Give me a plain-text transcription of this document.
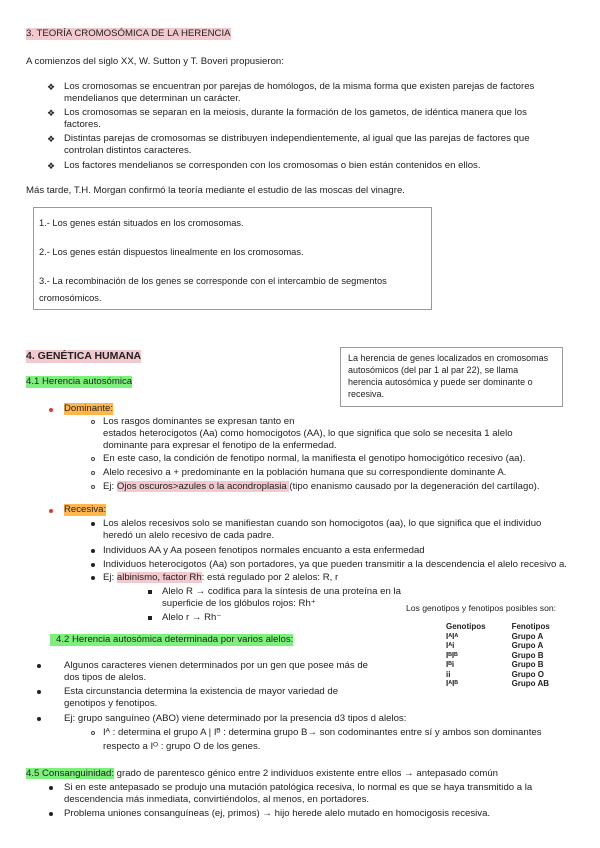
3. TEORÍA CROMOSÓMICA DE LA HERENCIA
A comienzos del siglo XX, W. Sutton y T. Boveri propusieron:
❖ Los cromosomas se encuentran por parejas de homólogos, de la misma forma que existen parejas de factores
mendelianos que determinan un carácter.
❖ Los cromosomas se separan en la meiosis, durante la formación de los gametos, de idéntica manera que los
factores.
❖ Distintas parejas de cromosomas se distribuyen independientemente, al igual que las parejas de factores que
controlan distintos caracteres.
❖ Los factores mendelianos se corresponden con los cromosomas o bien están contenidos en ellos.
Más tarde, T.H. Morgan confirmó la teoría mediante el estudio de las moscas del vinagre.
1.- Los genes están situados en los cromosomas.
2.- Los genes están dispuestos linealmente en los cromosomas.
3.- La recombinación de los genes se corresponde con el intercambio de segmentos
cromosómicos.
4. GENÉTICA HUMANA	La herencia de genes localizados en cromosomas
autosómicos (del par 1 al par 22), se llama
herencia autosómica y puede ser dominante o
recesiva.
4.1 Herencia autosómica
Dominante:
Los rasgos dominantes se expresan tanto en
estados heterocigotos (Aa) como homocigotos (AA), lo que significa que solo se necesita 1 alelo
dominante para expresar el fenotipo de la enfermedad.
En este caso, la condición de fenotipo normal, la manifiesta el genotipo homocigótico recesivo (aa).
Alelo recesivo a + predominante en la población humana que su correspondiente dominante A.
Ej: Ojos oscuros>azules o la acondroplasia (tipo enanismo causado por la degeneración del cartílago).
Recesiva:
Los alelos recesivos solo se manifiestan cuando son homocigotos (aa), lo que significa que el individuo
heredó un alelo recesivo de cada padre.
Individuos AA y Aa poseen fenotipos normales encuanto a esta enfermedad
Individuos heterocigotos (Aa) son portadores, ya que pueden transmitir a la descendencia el alelo recesivo a.
Ej: albinismo, factor Rh: está regulado por 2 alelos: R, r
Alelo R → codifica para la síntesis de una proteína en la
superficie de los glóbulos rojos: Rh⁺
Alelo r → Rh⁻
Los genotipos y fenotipos posibles son:
Genotipos	Fenotipos
IᴬIᴬ	Grupo A
Iᴬi	Grupo A
IᴮIᴮ	Grupo B
Iᴮi	Grupo B
ii	Grupo O
IᴬIᴮ	Grupo AB
4.2 Herencia autosómica determinada por varios alelos:
Algunos caracteres vienen determinados por un gen que posee más de
dos tipos de alelos.
Esta circunstancia determina la existencia de mayor variedad de
genotipos y fenotipos.
Ej: grupo sanguíneo (ABO) viene determinado por la presencia d3 tipos d alelos:
Iᴬ : determina el grupo A | Iᴮ : determina grupo B→ son codominantes entre sí y ambos son dominantes
respecto a Iᴼ : grupo O de los genes.
4.5 Consanguinidad: grado de parentesco génico entre 2 individuos existente entre ellos → antepasado común
Si en este antepasado se produjo una mutación patológica recesiva, lo normal es que se haya transmitido a la
descendencia más inmediata, convirtiéndolos, al menos, en portadores.
Problema uniones consanguíneas (ej, primos) → hijo herede alelo mutado en homocigosis recesiva.
